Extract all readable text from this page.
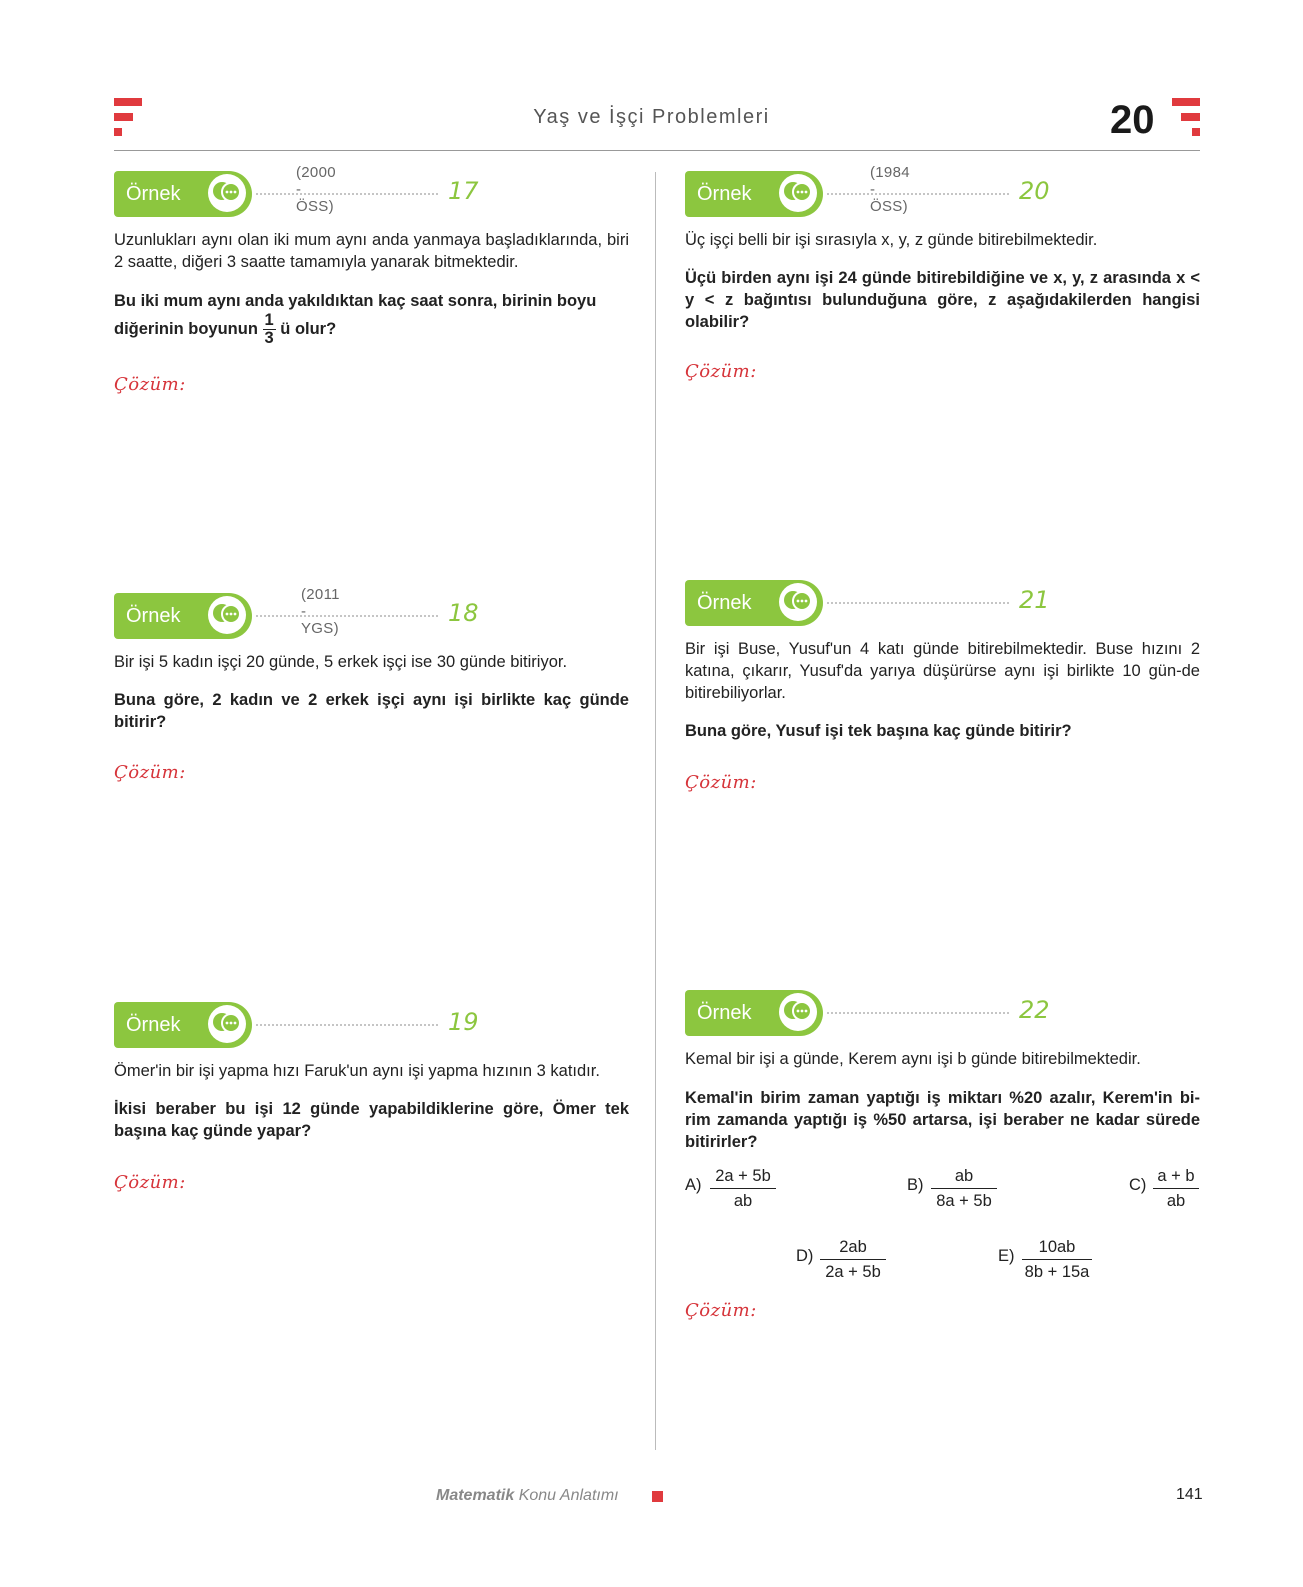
Yaş ve İşçi Problemleri	20
Örnek
(2000 - ÖSS)
17
Uzunlukları aynı olan iki mum aynı anda yanmaya başladıklarında, biri 2 saatte, diğeri 3 saatte tamamıyla yanarak bitmektedir.
Bu iki mum aynı anda yakıldıktan kaç saat sonra, birinin boyu
diğerinin boyunun $\frac{1}{3}$ ü olur?
Çözüm:
Örnek
(2011 - YGS)
18
Bir işi 5 kadın işçi 20 günde, 5 erkek işçi ise 30 günde bitiriyor.
Buna göre, 2 kadın ve 2 erkek işçi aynı işi birlikte kaç günde bitirir?
Çözüm:
Örnek	19
Ömer'in bir işi yapma hızı Faruk'un aynı işi yapma hızının 3 katıdır.
İkisi beraber bu işi 12 günde yapabildiklerine göre, Ömer tek başına kaç günde yapar?
Çözüm:
Örnek
(1984 - ÖSS)
20
Üç işçi belli bir işi sırasıyla x, y, z günde bitirebilmektedir.
Üçü birden aynı işi 24 günde bitirebildiğine ve x, y, z arasında x < y < z bağıntısı bulunduğuna göre, z aşağıdakilerden hangisi olabilir?
Çözüm:
Örnek	21
Bir işi Buse, Yusuf'un 4 katı günde bitirebilmektedir. Buse hızını 2 katına, çıkarır, Yusuf'da yarıya düşürürse aynı işi birlikte 10 gün-de bitirebiliyorlar.
Buna göre, Yusuf işi tek başına kaç günde bitirir?
Çözüm:
Örnek	22
Kemal bir işi a günde, Kerem aynı işi b günde bitirebilmektedir.
Kemal'in birim zaman yaptığı iş miktarı %20 azalır, Kerem'in bi-rim zamanda yaptığı iş %50 artarsa, işi beraber ne kadar sürede bitirirler?
A) 2a + 5b
ab
B)	ab
8a + 5b
C) a + b
ab
D)	2ab
2a + 5b
E)	10ab
8b + 15a
Çözüm:
Matematik Konu Anlatımı	141
